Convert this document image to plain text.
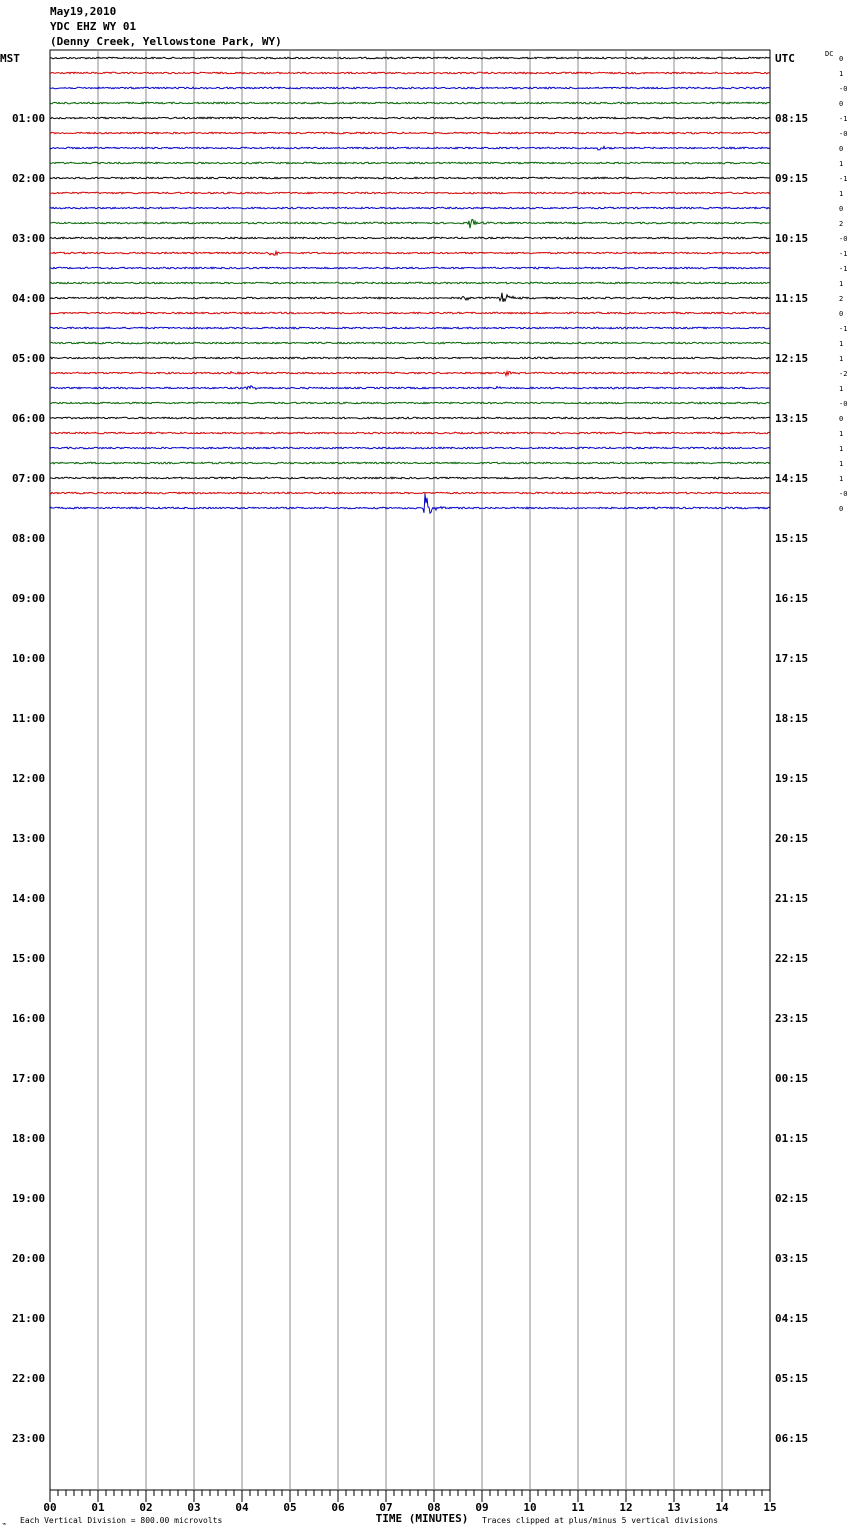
May19,2010
YDC EHZ WY 01
(Denny Creek, Yellowstone Park, WY)
DC
TIME (MINUTES)
Each Vertical Division = 800.00 microvolts	Traces clipped at plus/minus 5 vertical divisions
00	01	02	03	04	05	06	07	08	09	10	11	12	13	14	15
MST
01:00
02:00
03:00
04:00
05:00
06:00
07:00
08:00
09:00
10:00
11:00
12:00
13:00
14:00
15:00
16:00
17:00
18:00
19:00
20:00
21:00
22:00
23:00
UTC
08:15
09:15
10:15
11:15
12:15
13:15
14:15
15:15
16:15
17:15
18:15
19:15
20:15
21:15
22:15
23:15
00:15
01:15
02:15
03:15
04:15
05:15
06:15
0
1
-0
0
-1
-0
0
1
-1
1
0
2
-0
-1
-1
1
2
0
-1
1
1
-2
1
-0
0
1
1
1
1
-0
0
⌁
